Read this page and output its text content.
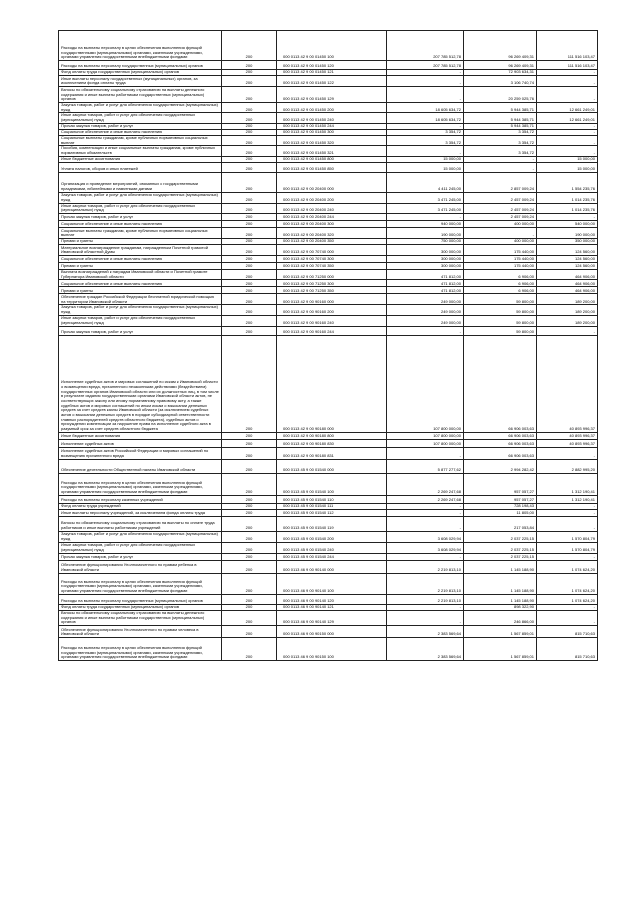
Расходы на выплаты персоналу в целях обеспечения выполнения функций государственными (муниципальными) органами, казенными учреждениями, органами управления государственными внебюджетными фондами	200	000 0113 42 9 00 01450 100	207 785 512,78	96 269 409,31	111 516 103,47
Расходы на выплаты персоналу государственных (муниципальных) органов	200	000 0113 42 9 00 01450 120	207 785 512,78	96 269 409,31	111 516 103,47
Фонд оплаты труда государственных (муниципальных) органов	200	000 0113 42 9 00 01450 121	-	72 903 634,31	-
Иные выплаты персоналу государственных (муниципальных) органов, за исключением фонда оплаты труда	200	000 0113 42 9 00 01450 122	-	3 106 740,74	-
Взносы по обязательному социальному страхованию на выплаты денежного содержания и иные выплаты работникам государственных (муниципальных) органов	200	000 0113 42 9 00 01450 129	-	20 259 025,76	-
Закупка товаров, работ и услуг для обеспечения государственных (муниципальных) нужд	200	000 0113 42 9 00 01450 200	18 605 634,72	5 944 385,71	12 661 249,01
Иные закупки товаров, работ и услуг для обеспечения государственных (муниципальных) нужд	200	000 0113 42 9 00 01450 240	18 605 634,72	5 944 385,71	12 661 249,01
Прочая закупка товаров, работ и услуг	200	000 0113 42 9 00 01450 244	-	5 944 385,71	-
Социальное обеспечение и иные выплаты населению	200	000 0113 42 9 00 01450 300	3 354,72	3 354,72	-
Социальные выплаты гражданам, кроме публичных нормативных социальных выплат	200	000 0113 42 9 00 01450 320	3 354,72	3 354,72	-
Пособия, компенсации и иные социальные выплаты гражданам, кроме публичных нормативных обязательств	200	000 0113 42 9 00 01450 321	-	3 354,72	-
Иные бюджетные ассигнования	200	000 0113 42 9 00 01450 800	15 000,00	-	15 000,00
Уплата налогов, сборов и иных платежей	200	000 0113 42 9 00 01450 850	15 000,00	-	15 000,00
Организация и проведение мероприятий, связанных с государственными праздниками, юбилейными и памятными датами	200	000 0113 42 9 00 20400 000	4 411 245,00	2 857 009,24	1 554 235,76
Закупка товаров, работ и услуг для обеспечения государственных (муниципальных) нужд	200	000 0113 42 9 00 20400 200	3 471 245,00	2 457 009,24	1 014 235,76
Иные закупки товаров, работ и услуг для обеспечения государственных (муниципальных) нужд	200	000 0113 42 9 00 20400 240	3 471 245,00	2 457 009,24	1 014 235,76
Прочая закупка товаров, работ и услуг	200	000 0113 42 9 00 20400 244	-	2 457 009,24	-
Социальное обеспечение и иные выплаты населению	200	000 0113 42 9 00 20400 300	940 000,00	400 000,00	540 000,00
Социальные выплаты гражданам, кроме публичных нормативных социальных выплат	200	000 0113 42 9 00 20400 320	190 000,00	-	190 000,00
Премии и гранты	200	000 0113 42 9 00 20400 350	750 000,00	400 000,00	350 000,00
Материальное вознаграждение гражданам, награжденным Почетной грамотой Ивановской областной Думы	200	000 0113 42 9 00 70740 000	300 000,00	175 440,00	124 560,00
Социальное обеспечение и иные выплаты населению	200	000 0113 42 9 00 70740 300	300 000,00	175 440,00	124 560,00
Премии и гранты	200	000 0113 42 9 00 70740 350	300 000,00	175 440,00	124 560,00
Выплата вознаграждений к наградам Ивановской области и Почетной грамоте Губернатора Ивановской области	200	000 0113 42 9 00 71250 000	471 812,00	6 906,00	464 906,00
Социальное обеспечение и иные выплаты населению	200	000 0113 42 9 00 71250 300	471 812,00	6 906,00	464 906,00
Премии и гранты	200	000 0113 42 9 00 71250 350	471 812,00	6 906,00	464 906,00
Обеспечение граждан Российской Федерации бесплатной юридической помощью на территории Ивановской области	200	000 0113 42 9 00 90160 000	249 000,00	59 800,00	189 200,00
Закупка товаров, работ и услуг для обеспечения государственных (муниципальных) нужд	200	000 0113 42 9 00 90160 200	249 000,00	59 800,00	189 200,00
Иные закупки товаров, работ и услуг для обеспечения государственных (муниципальных) нужд	200	000 0113 42 9 00 90160 240	249 000,00	59 800,00	189 200,00
Прочая закупка товаров, работ и услуг	200	000 0113 42 9 00 90160 244	-	59 800,00	-
Исполнение судебных актов и мировых соглашений по искам к Ивановской области о возмещении вреда, причиненного незаконными действиями (бездействием) государственных органов Ивановской области или их должностных лиц, в том числе в результате издания государственными органами Ивановской области актов, не соответствующих закону или иному нормативному правовому акту, а также судебных актов и мировых соглашений по иным искам о взыскании денежных средств за счет средств казны Ивановской области (за исключением судебных актов о взыскании денежных средств в порядке субсидиарной ответственности главных распорядителей средств областного бюджета), судебных актов о присуждении компенсации за нарушение права на исполнение судебного акта в разумный срок за счет средств областного бюджета	200	000 0113 42 9 00 90180 000	107 800 000,00	66 906 003,63	40 893 996,37
Иные бюджетные ассигнования	200	000 0113 42 9 00 90180 800	107 800 000,00	66 906 003,63	40 893 996,37
Исполнение судебных актов	200	000 0113 42 9 00 90180 830	107 800 000,00	66 906 003,63	40 893 996,37
Исполнение судебных актов Российской Федерации и мировых соглашений по возмещению причиненного вреда	200	000 0113 42 9 00 90180 831	-	66 906 003,63	-
Обеспечение деятельности Общественной палаты Ивановской области	200	000 0113 45 9 00 01540 000	5 877 277,62	2 994 282,42	2 882 995,20
Расходы на выплаты персоналу в целях обеспечения выполнения функций государственными (муниципальными) органами, казенными учреждениями, органами управления государственными внебюджетными фондами	200	000 0113 45 9 00 01540 100	2 269 247,68	957 057,27	1 312 190,41
Расходы на выплаты персоналу казенных учреждений	200	000 0113 45 9 00 01540 110	2 269 247,68	957 057,27	1 312 190,41
Фонд оплаты труда учреждений	200	000 0113 45 9 00 01540 111	-	728 198,43	-
Иные выплаты персоналу учреждений, за исключением фонда оплаты труда	200	000 0113 45 9 00 01540 112	-	11 805,00	-
Взносы по обязательному социальному страхованию на выплаты по оплате труда работников и иные выплаты работникам учреждений	200	000 0113 45 9 00 01540 119	-	217 053,84	-
Закупка товаров, работ и услуг для обеспечения государственных (муниципальных) нужд	200	000 0113 45 9 00 01540 200	3 608 029,94	2 037 225,15	1 570 804,79
Иные закупки товаров, работ и услуг для обеспечения государственных (муниципальных) нужд	200	000 0113 45 9 00 01540 240	3 608 029,94	2 037 225,15	1 570 804,79
Прочая закупка товаров, работ и услуг	200	000 0113 45 9 00 01540 244	-	2 037 225,15	-
Обеспечение функционирования Уполномоченного по правам ребенка в Ивановской области	200	000 0113 46 9 00 90140 000	2 219 813,10	1 145 188,90	1 074 624,20
Расходы на выплаты персоналу в целях обеспечения выполнения функций государственными (муниципальными) органами, казенными учреждениями, органами управления государственными внебюджетными фондами	200	000 0113 46 9 00 90140 100	2 219 813,10	1 145 188,90	1 074 624,20
Расходы на выплаты персоналу государственных (муниципальных) органов	200	000 0113 46 9 00 90140 120	2 219 813,10	1 145 188,90	1 074 624,20
Фонд оплаты труда государственных (муниципальных) органов	200	000 0113 46 9 00 90140 121	-	898 322,90	-
Взносы по обязательному социальному страхованию на выплаты денежного содержания и иные выплаты работникам государственных (муниципальных) органов	200	000 0113 46 9 00 90140 129	-	246 866,00	-
Обеспечение функционирования Уполномоченного по правам человека в Ивановской области	200	000 0113 46 9 00 90150 000	2 383 569,64	1 567 859,01	815 710,63
Расходы на выплаты персоналу в целях обеспечения выполнения функций государственными (муниципальными) органами, казенными учреждениями, органами управления государственными внебюджетными фондами	200	000 0113 46 9 00 90150 100	2 383 569,64	1 567 859,01	815 710,63
